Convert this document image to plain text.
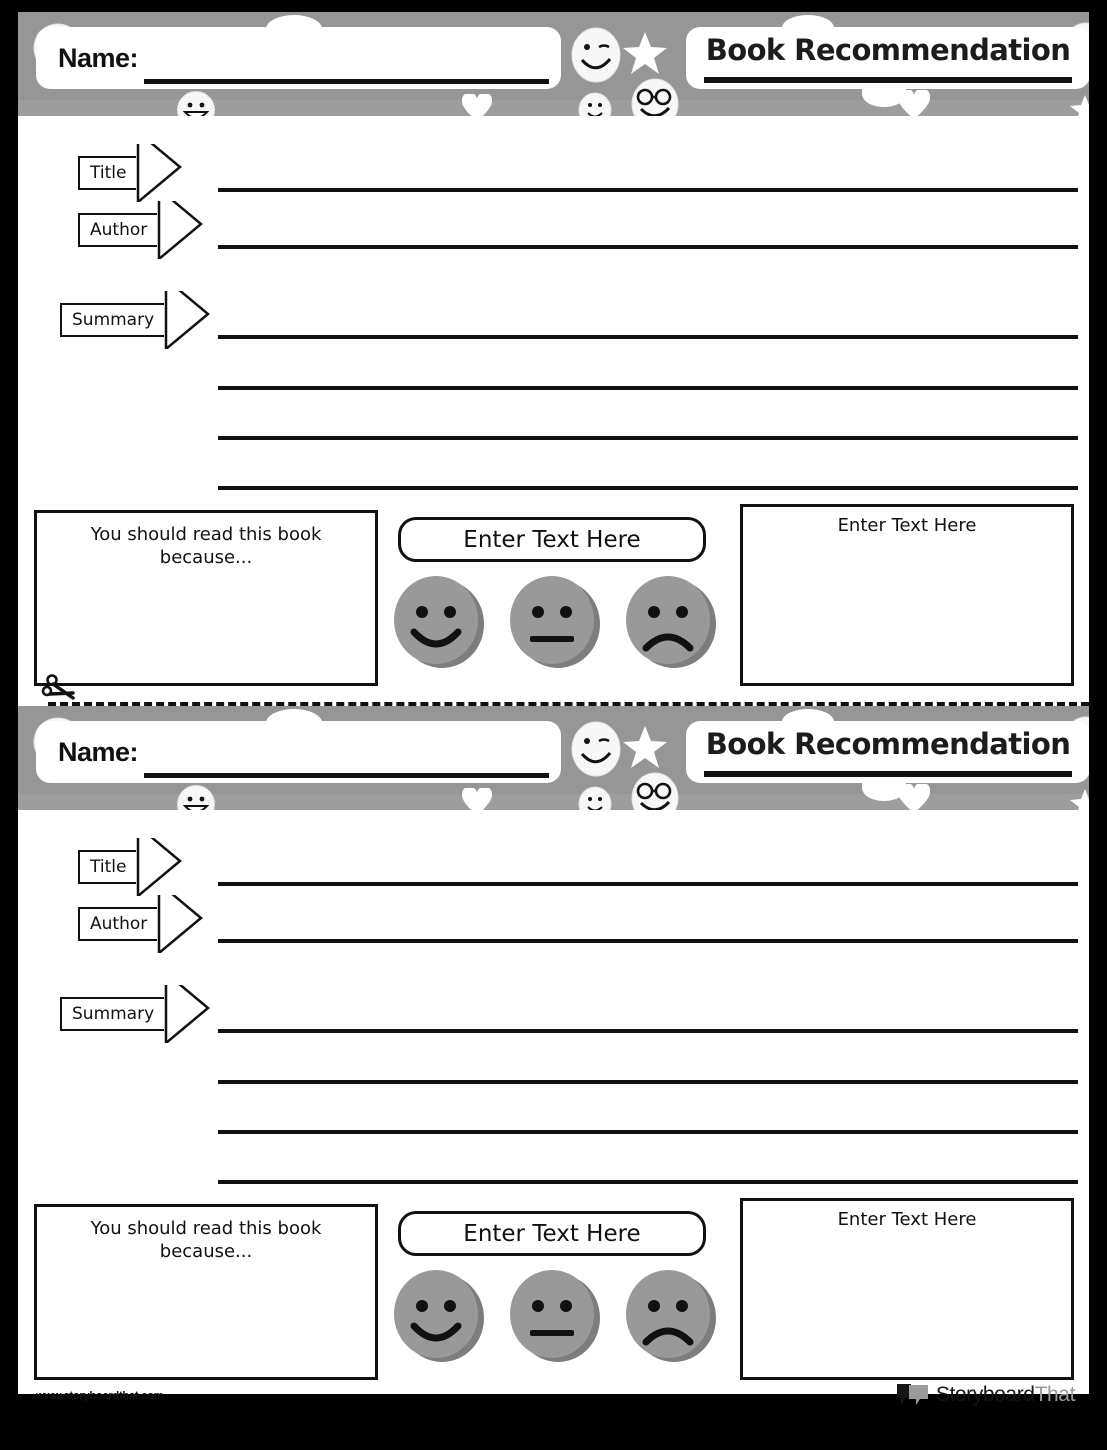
Name:	Book Recommendation
Title
Author
Summary
You should read this book because...
Enter Text Here
Enter Text Here
Name:	Book Recommendation
Title
Author
Summary
You should read this book because...
Enter Text Here
Enter Text Here
www.storyboardthat.com	StoryboardThat
